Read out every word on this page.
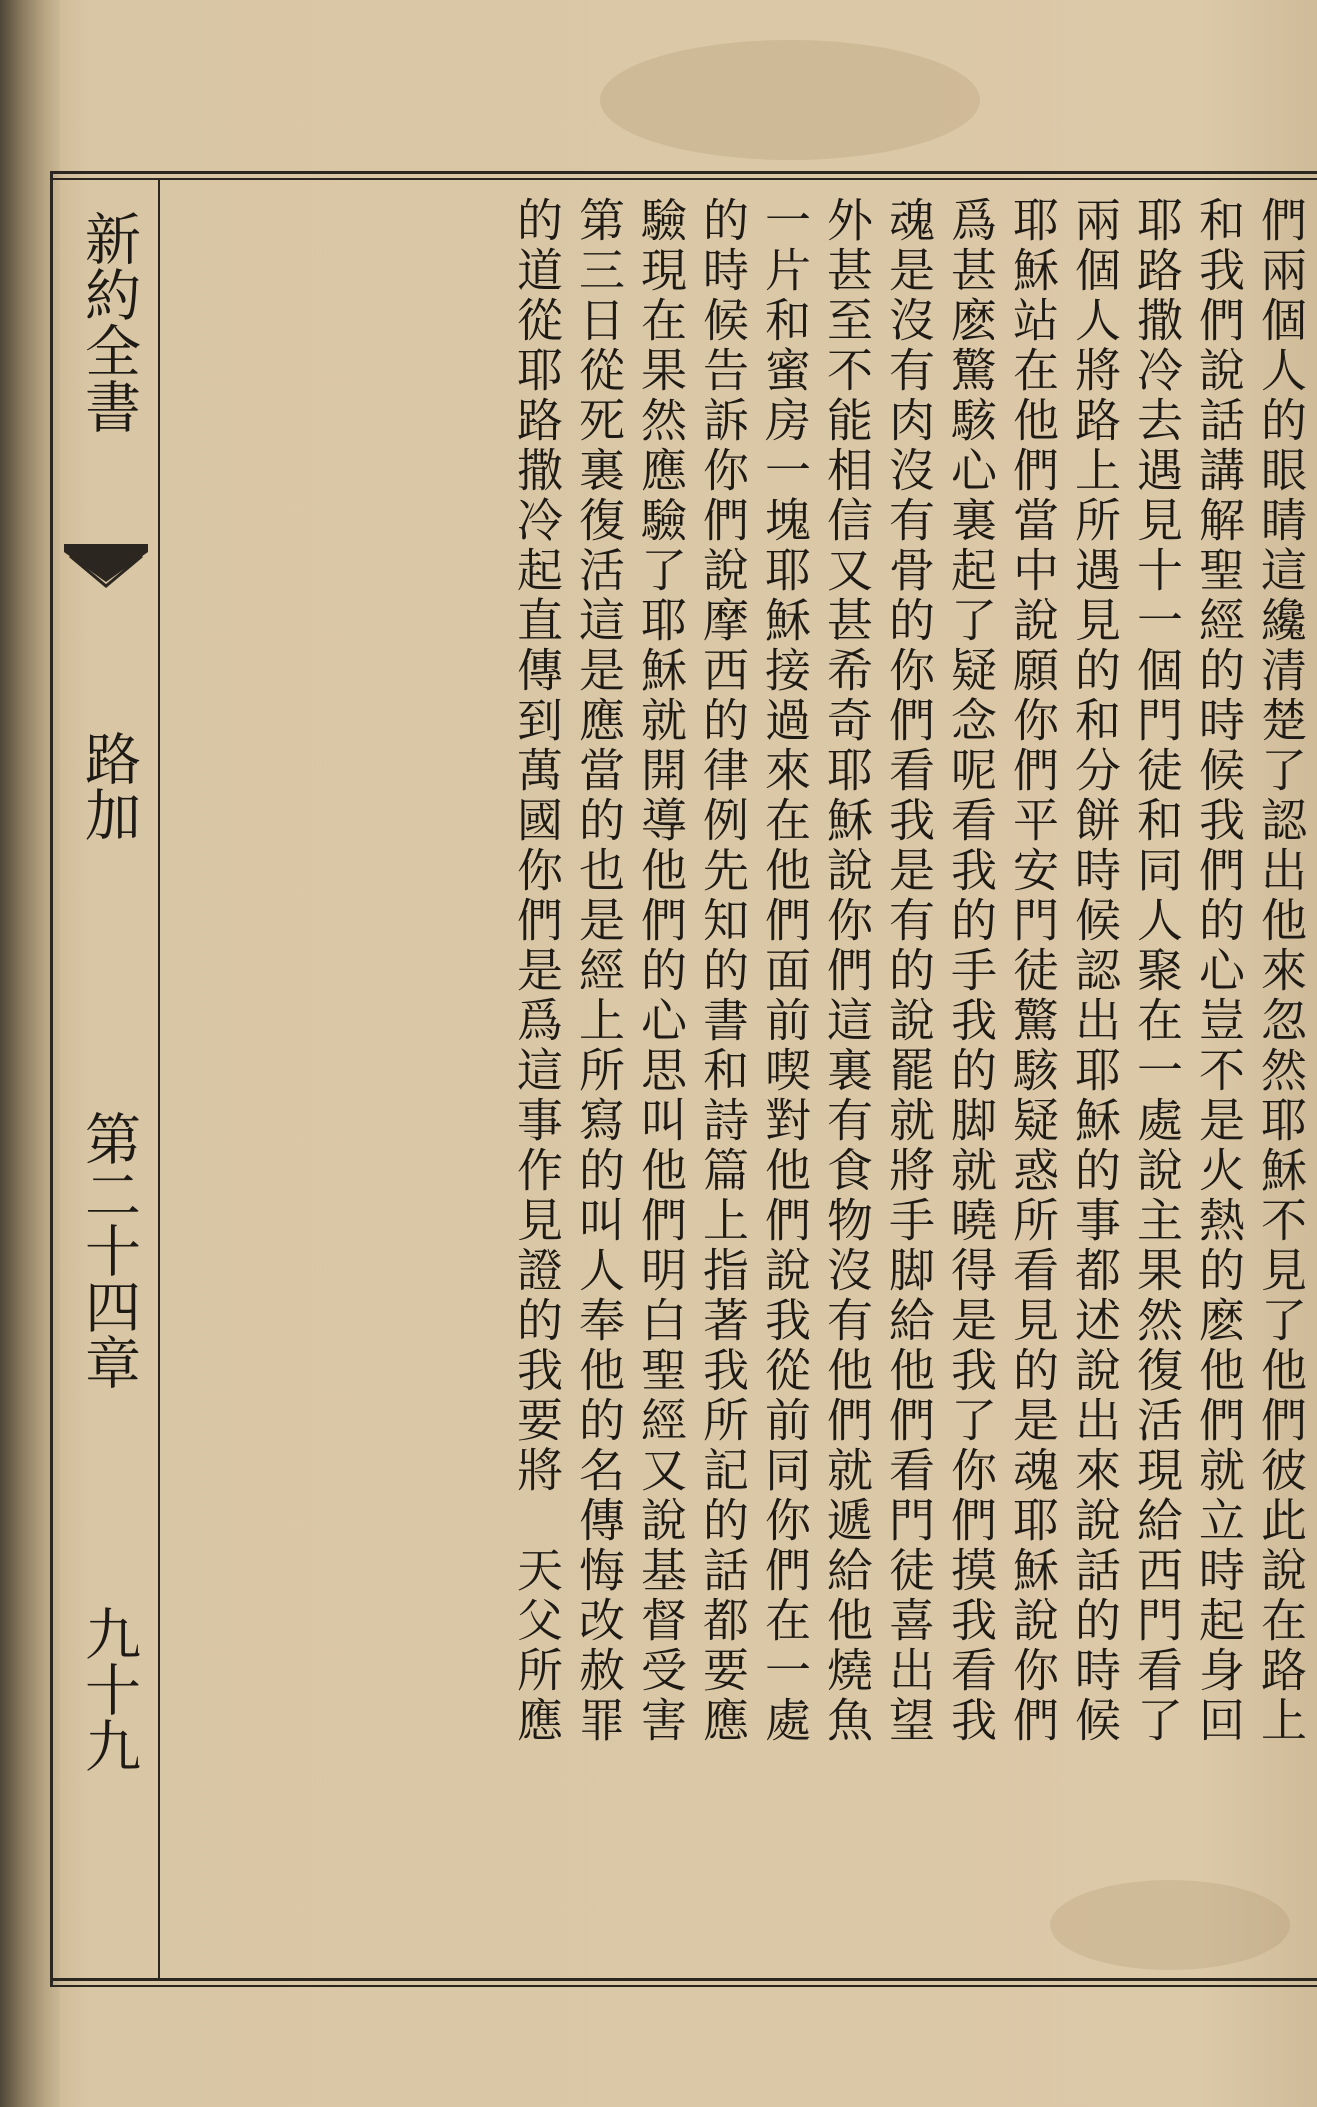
新約全書
路加
第二十四章
九十九	們兩個人的眼睛這纔清楚了認出他來忽然耶穌不見了他們彼此說在路上
和我們說話講解聖經的時候我們的心豈不是火熱的麽他們就立時起身回
耶路撒冷去遇見十一個門徒和同人聚在一處說主果然復活現給西門看了
兩個人將路上所遇見的和分餅時候認出耶穌的事都述說出來說話的時候
耶穌站在他們當中說願你們平安門徒驚駭疑惑所看見的是魂耶穌說你們
爲甚麽驚駭心裏起了疑念呢看我的手我的脚就曉得是我了你們摸我看我
魂是沒有肉沒有骨的你們看我是有的說罷就將手脚給他們看門徒喜出望
外甚至不能相信又甚希奇耶穌說你們這裏有食物沒有他們就遞給他燒魚
一片和蜜房一塊耶穌接過來在他們面前喫對他們說我從前同你們在一處
的時候告訴你們說摩西的律例先知的書和詩篇上指著我所記的話都要應
驗現在果然應驗了耶穌就開導他們的心思叫他們明白聖經又說基督受害
第三日從死裏復活這是應當的也是經上所寫的叫人奉他的名傳悔改赦罪
的道從耶路撒冷起直傳到萬國你們是爲這事作見證的我要將　天父所應
